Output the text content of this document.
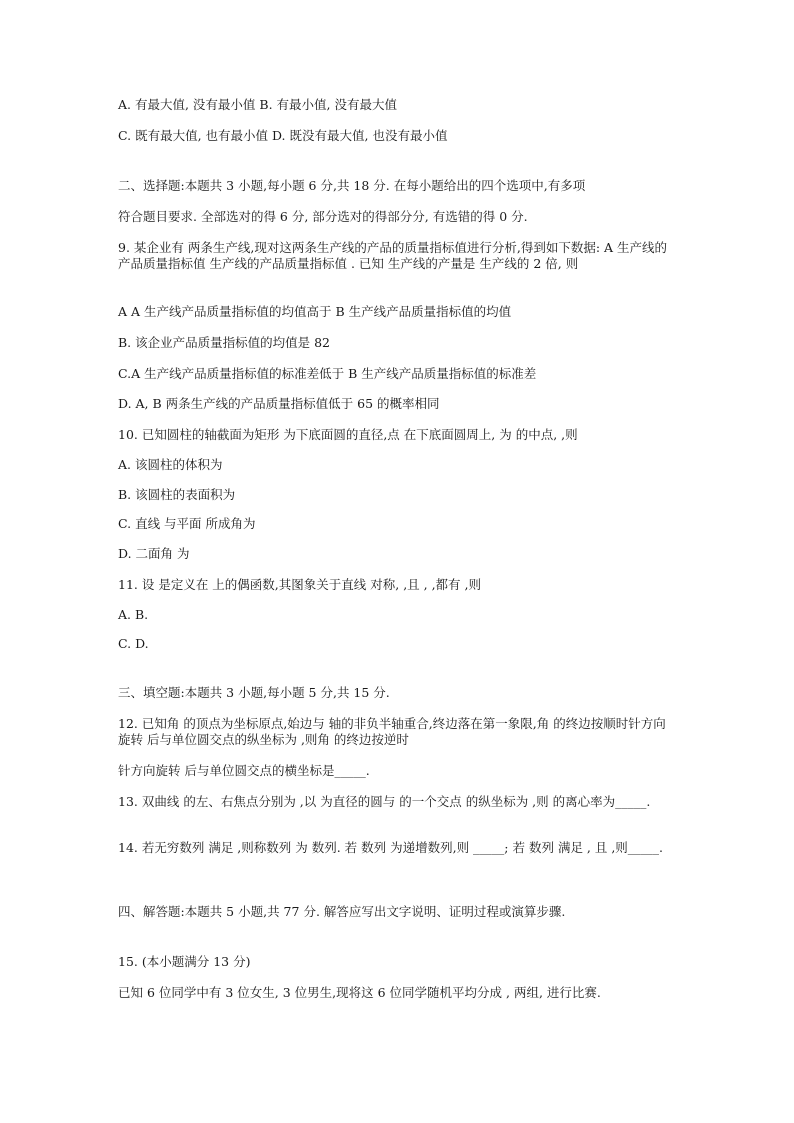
A. 有最大值, 没有最小值 B. 有最小值, 没有最大值
C. 既有最大值, 也有最小值 D. 既没有最大值, 也没有最小值
二、选择题:本题共 3 小题,每小题 6 分,共 18 分. 在每小题给出的四个选项中,有多项
符合题目要求. 全部选对的得 6 分, 部分选对的得部分分, 有选错的得 0 分.
9. 某企业有 两条生产线,现对这两条生产线的产品的质量指标值进行分析,得到如下数据: A 生产线的产品质量指标值 生产线的产品质量指标值 . 已知 生产线的产量是 生产线的 2 倍, 则
A A 生产线产品质量指标值的均值高于 B 生产线产品质量指标值的均值
B. 该企业产品质量指标值的均值是 82
C.A 生产线产品质量指标值的标准差低于 B 生产线产品质量指标值的标准差
D. A, B 两条生产线的产品质量指标值低于 65 的概率相同
10. 已知圆柱的轴截面为矩形 为下底面圆的直径,点 在下底面圆周上, 为 的中点, ,则
A. 该圆柱的体积为
B. 该圆柱的表面积为
C. 直线 与平面 所成角为
D. 二面角 为
11. 设 是定义在 上的偶函数,其图象关于直线 对称, ,且 , ,都有 ,则
A. B.
C. D.
三、填空题:本题共 3 小题,每小题 5 分,共 15 分.
12. 已知角 的顶点为坐标原点,始边与 轴的非负半轴重合,终边落在第一象限,角 的终边按顺时针方向旋转 后与单位圆交点的纵坐标为 ,则角 的终边按逆时
针方向旋转 后与单位圆交点的横坐标是_____.
13. 双曲线 的左、右焦点分别为 ,以 为直径的圆与 的一个交点 的纵坐标为 ,则 的离心率为_____.
14. 若无穷数列 满足 ,则称数列 为 数列. 若 数列 为递增数列,则 _____; 若 数列 满足 , 且 ,则_____.
四、解答题:本题共 5 小题,共 77 分. 解答应写出文字说明、证明过程或演算步骤.
15. (本小题满分 13 分)
已知 6 位同学中有 3 位女生, 3 位男生,现将这 6 位同学随机平均分成 , 两组, 进行比赛.
